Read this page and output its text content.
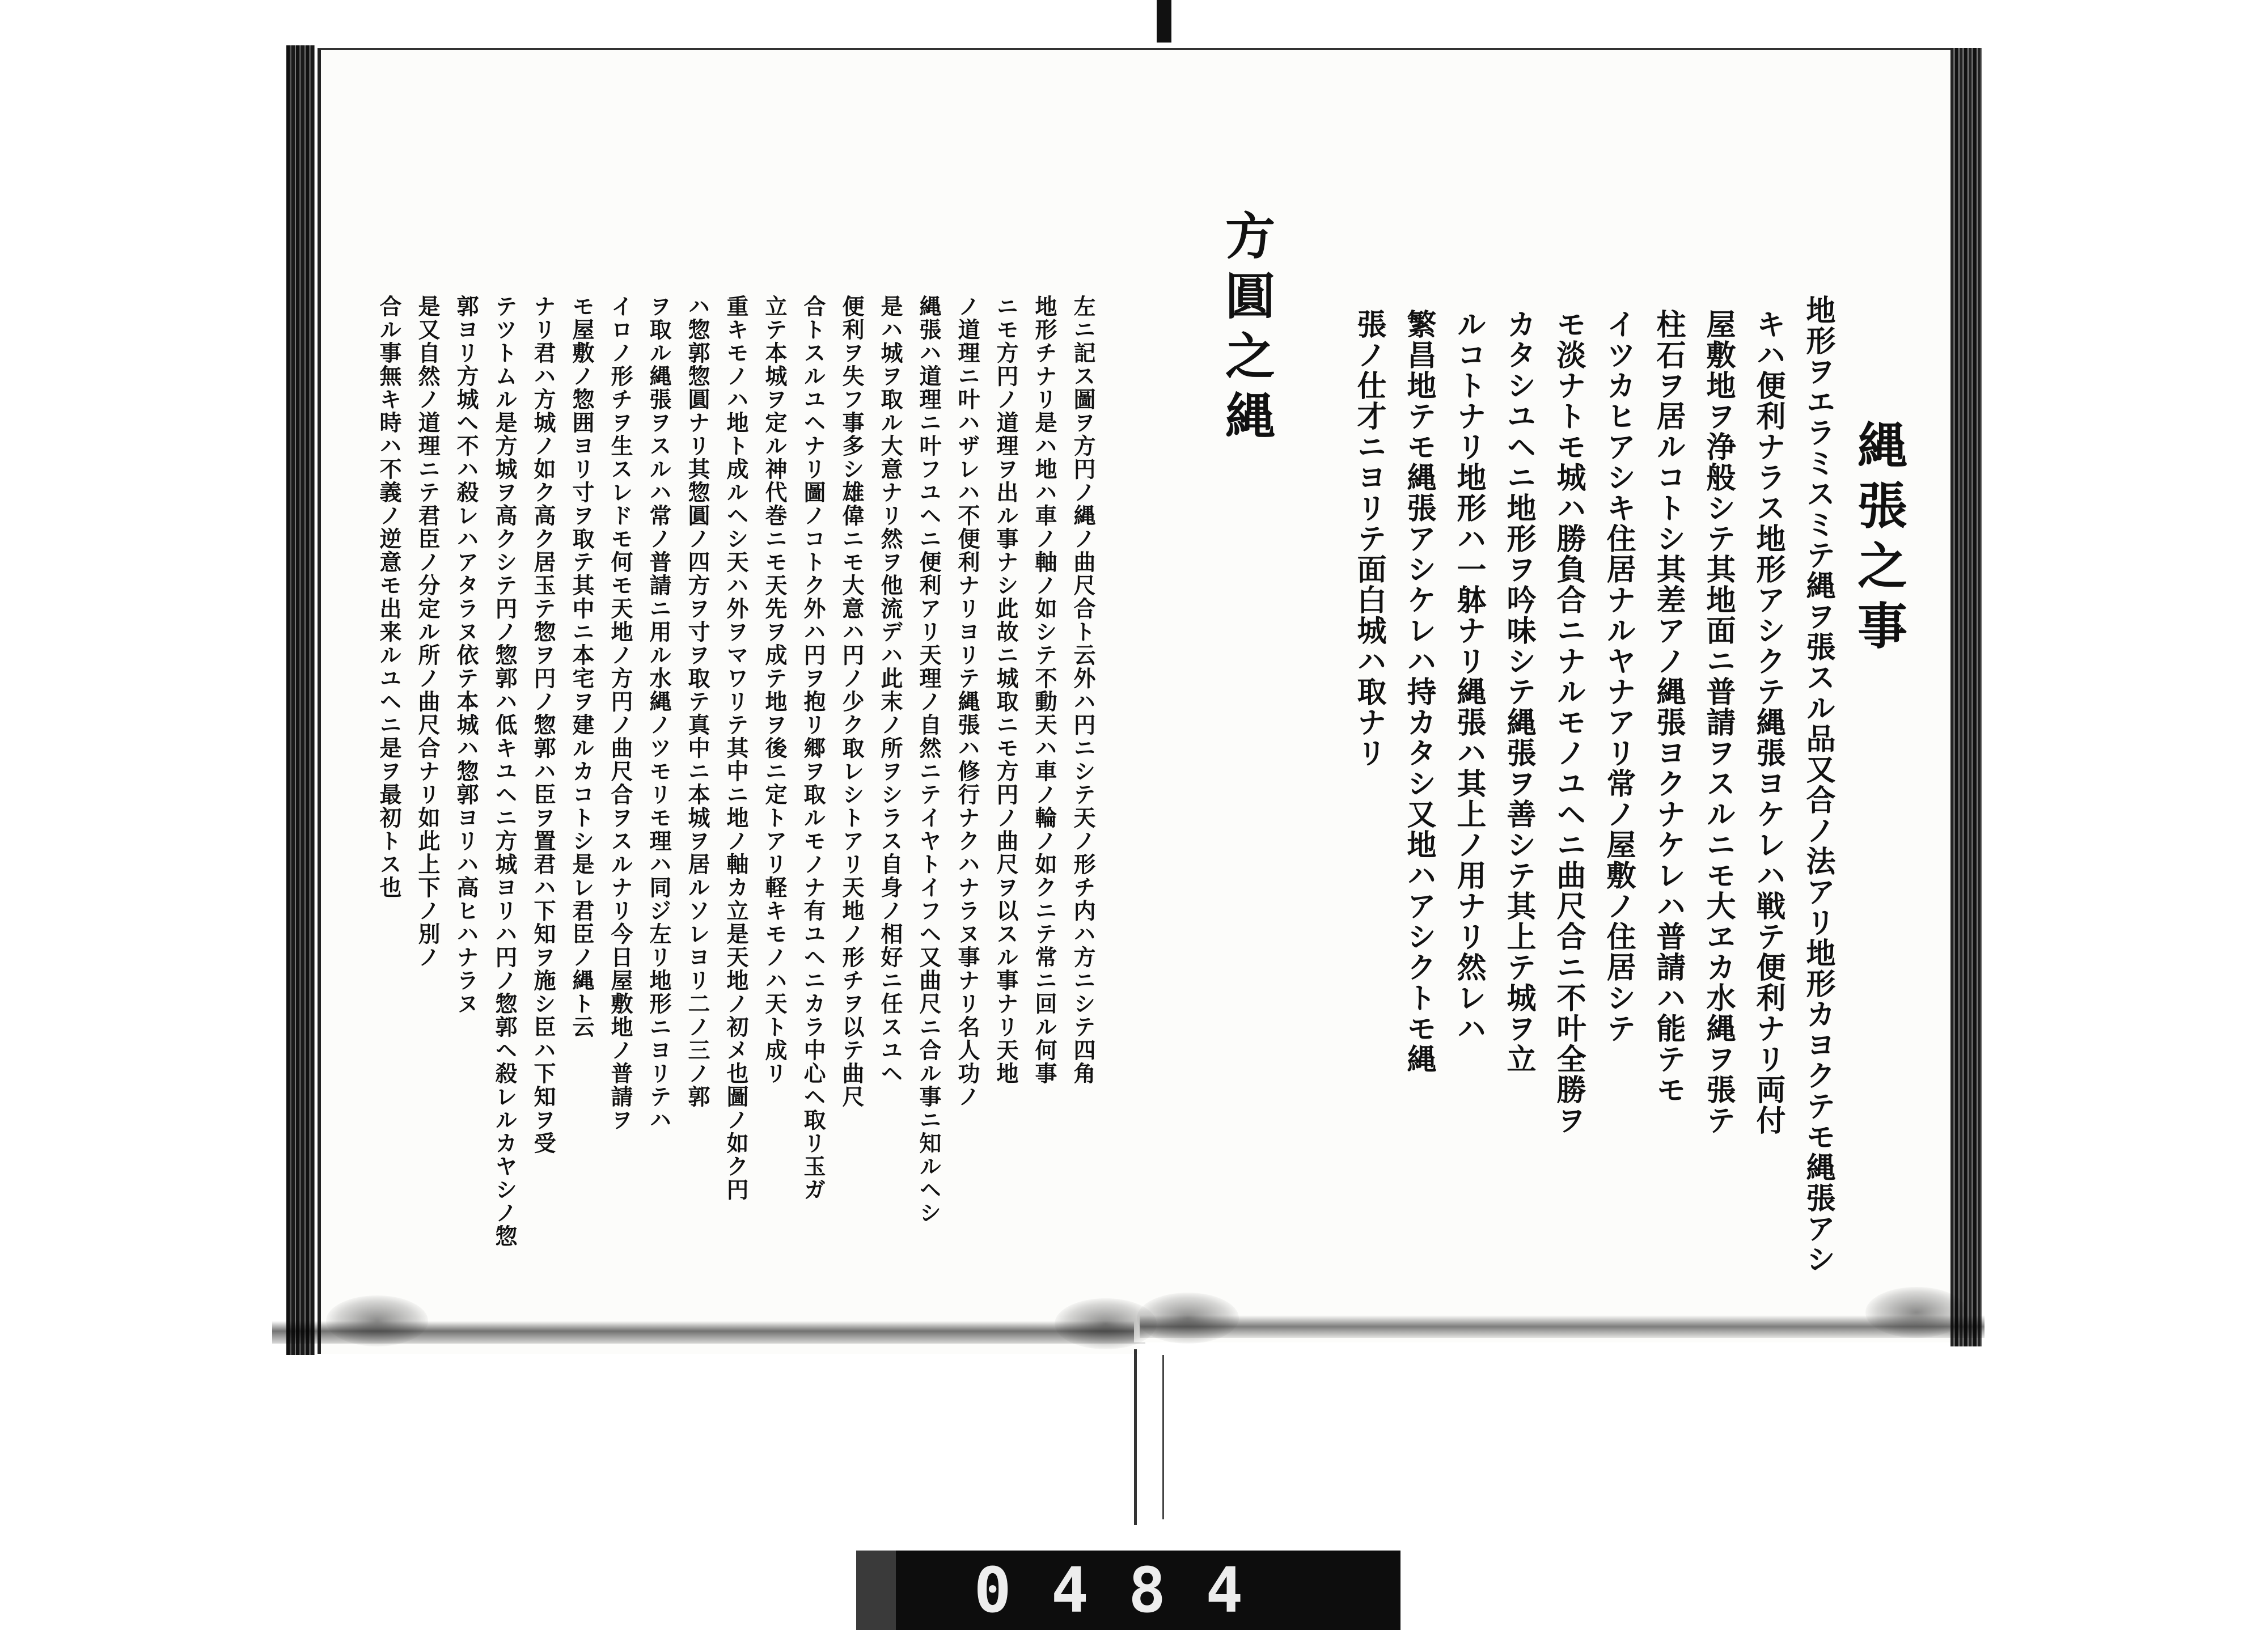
縄張之事
地形ヲエラミスミテ縄ヲ張スル品又合ノ法アリ地形カヨクテモ縄張アシ
キハ便利ナラス地形アシクテ縄張ヨケレハ戦テ便利ナリ両付
屋敷地ヲ浄般シテ其地面ニ普請ヲスルニモ大ヱカ水縄ヲ張テ
柱石ヲ居ルコトシ其差アノ縄張ヨクナケレハ普請ハ能テモ
イツカヒアシキ住居ナルヤナアリ常ノ屋敷ノ住居シテ
モ淡ナトモ城ハ勝負合ニナルモノユヘニ曲尺合ニ不叶全勝ヲ
カタシユヘニ地形ヲ吟味シテ縄張ヲ善シテ其上テ城ヲ立
ルコトナリ地形ハ一躰ナリ縄張ハ其上ノ用ナリ然レハ
繁昌地テモ縄張アシケレハ持カタシ又地ハアシクトモ縄
張ノ仕才ニヨリテ面白城ハ取ナリ
方圓之縄
左ニ記ス圖ヲ方円ノ縄ノ曲尺合ト云外ハ円ニシテ天ノ形チ内ハ方ニシテ四角
地形チナリ是ハ地ハ車ノ軸ノ如シテ不動天ハ車ノ輪ノ如クニテ常ニ回ル何事
ニモ方円ノ道理ヲ出ル事ナシ此故ニ城取ニモ方円ノ曲尺ヲ以スル事ナリ天地
ノ道理ニ叶ハザレハ不便利ナリヨリテ縄張ハ修行ナクハナラヌ事ナリ名人功ノ
縄張ハ道理ニ叶フユヘニ便利アリ天理ノ自然ニテイヤトイフヘ又曲尺ニ合ル事ニ知ルヘシ
是ハ城ヲ取ル大意ナリ然ヲ他流デハ此末ノ所ヲシラス自身ノ相好ニ任スユヘ
便利ヲ失フ事多シ雄偉ニモ大意ハ円ノ少ク取レシトアリ天地ノ形チヲ以テ曲尺
合トスルユヘナリ圖ノコトク外ハ円ヲ抱リ郷ヲ取ルモノナ有ユヘニカラ中心ヘ取リ玉ガ
立テ本城ヲ定ル神代巻ニモ天先ヲ成テ地ヲ後ニ定トアリ軽キモノハ天ト成リ
重キモノハ地ト成ルヘシ天ハ外ヲマワリテ其中ニ地ノ軸カ立是天地ノ初メ也圖ノ如ク円
ハ惣郭惣圓ナリ其惣圓ノ四方ヲ寸ヲ取テ真中ニ本城ヲ居ルソレヨリ二ノ三ノ郭
ヲ取ル縄張ヲスルハ常ノ普請ニ用ル水縄ノツモリモ理ハ同ジ左リ地形ニヨリテハ
イロノ形チヲ生スレドモ何モ天地ノ方円ノ曲尺合ヲスルナリ今日屋敷地ノ普請ヲ
モ屋敷ノ惣囲ヨリ寸ヲ取テ其中ニ本宅ヲ建ルカコトシ是レ君臣ノ縄ト云
ナリ君ハ方城ノ如ク高ク居玉テ惣ヲ円ノ惣郭ハ臣ヲ置君ハ下知ヲ施シ臣ハ下知ヲ受
テツトムル是方城ヲ高クシテ円ノ惣郭ハ低キユヘニ方城ヨリハ円ノ惣郭ヘ殺レルカヤシノ惣
郭ヨリ方城へ不ハ殺レハアタラヌ依テ本城ハ惣郭ヨリハ高ヒハナラヌ
是又自然ノ道理ニテ君臣ノ分定ル所ノ曲尺合ナリ如此上下ノ別ノ
合ル事無キ時ハ不義ノ逆意モ出来ルユヘニ是ヲ最初トス也
0484
